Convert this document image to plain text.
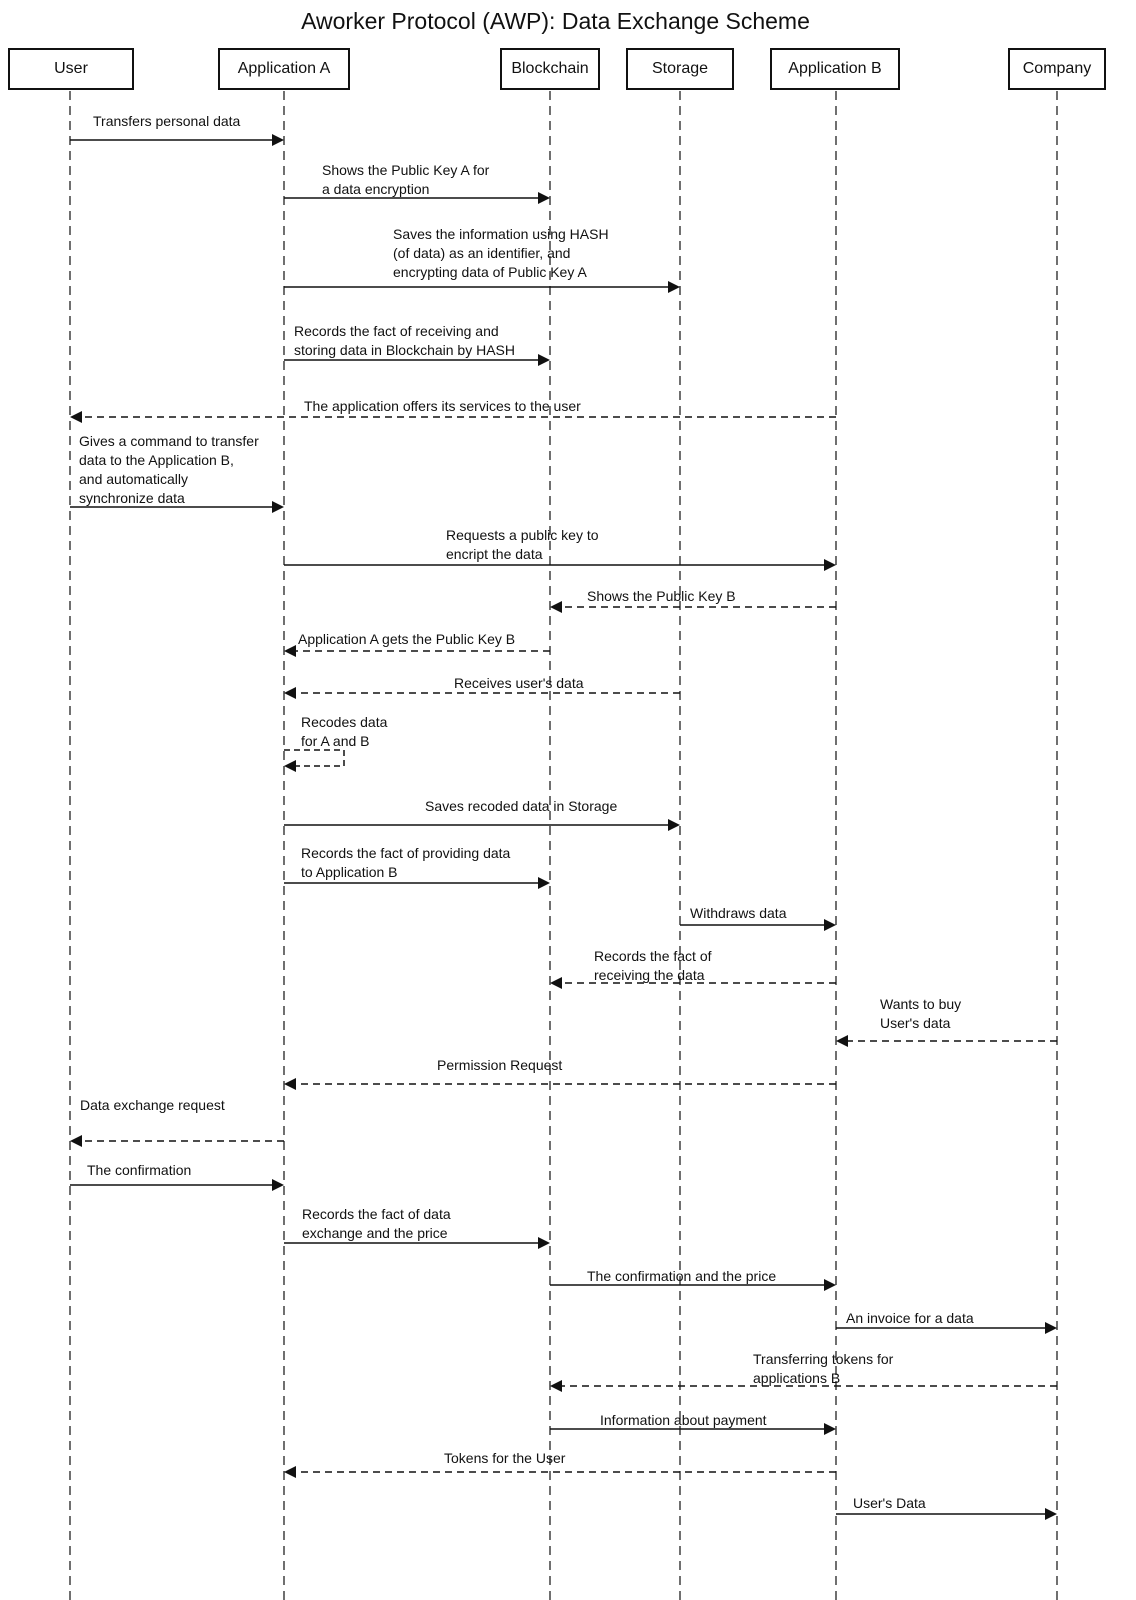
Aworker Protocol (AWP): Data Exchange Scheme
User	Application A	Blockchain	Storage	Application B	Company
Transfers personal data
Shows the Public Key A for
a data encryption
Saves the information using HASH
(of data) as an identifier, and
encrypting data of Public Key A
Records the fact of receiving and
storing data in Blockchain by HASH
The application offers its services to the user
Gives a command to transfer
data to the Application B,
and automatically
synchronize data
Requests a public key to
encript the data
Shows the Public Key B
Application A gets the Public Key B
Receives user's data
Recodes data
for A and B
Saves recoded data in Storage
Records the fact of providing data
to Application B
Withdraws data
Records the fact of
receiving the data
Wants to buy
User's data
Permission Request
Data exchange request
The confirmation
Records the fact of data
exchange and the price
The confirmation and the price
An invoice for a data
Transferring tokens for
applications B
Information about payment
Tokens for the User
User's Data
